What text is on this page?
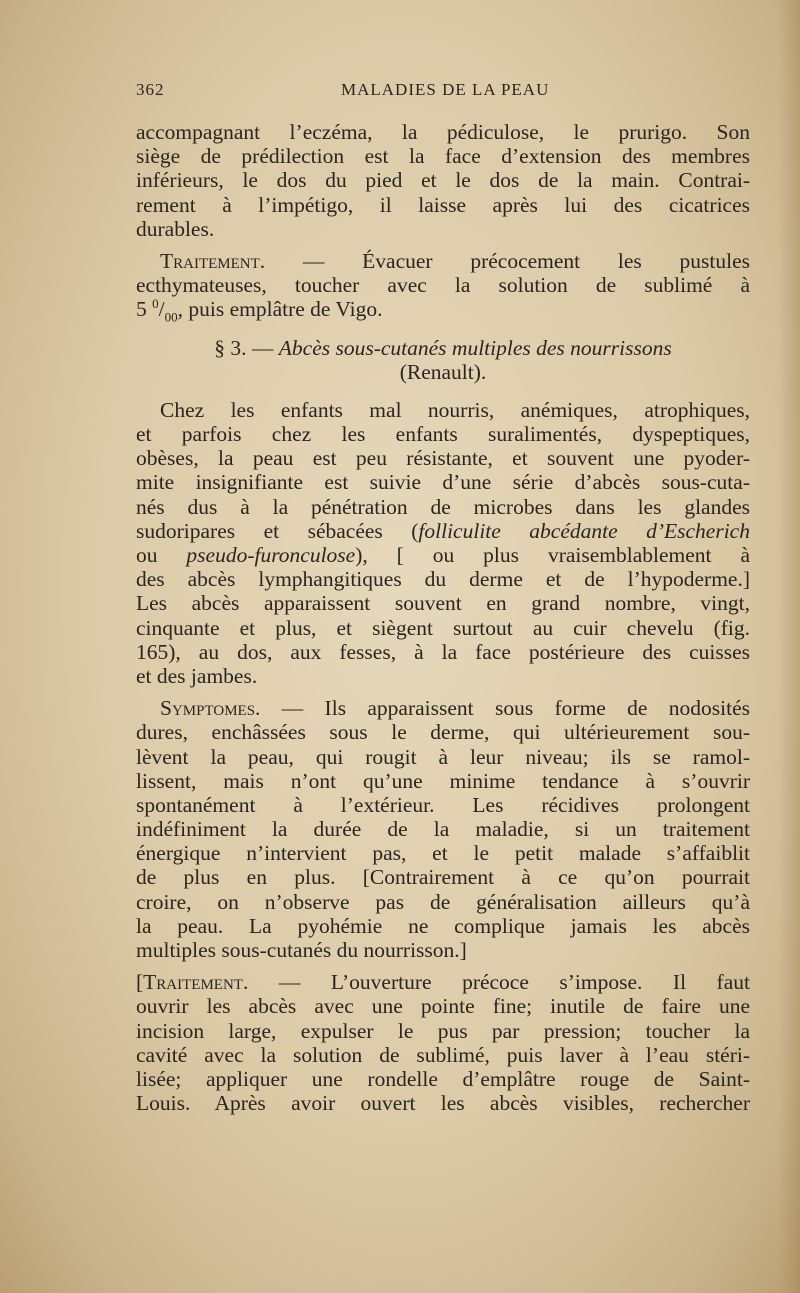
362	MALADIES DE LA PEAU
accompagnant l’eczéma, la pédiculose, le prurigo. Son
siège de prédilection est la face d’extension des membres
inférieurs, le dos du pied et le dos de la main. Contrai-
rement à l’impétigo, il laisse après lui des cicatrices
durables.
Traitement. — Évacuer précocement les pustules
ecthymateuses, toucher avec la solution de sublimé à
5 $^0/_{00}$, puis emplâtre de Vigo.
§ 3. — Abcès sous-cutanés multiples des nourrissons
(Renault).
Chez les enfants mal nourris, anémiques, atrophiques,
et parfois chez les enfants suralimentés, dyspeptiques,
obèses, la peau est peu résistante, et souvent une pyoder-
mite insignifiante est suivie d’une série d’abcès sous-cuta-
nés dus à la pénétration de microbes dans les glandes
sudoripares et sébacées (folliculite abcédante d’Escherich
ou pseudo-furonculose), [ ou plus vraisemblablement à
des abcès lymphangitiques du derme et de l’hypoderme.]
Les abcès apparaissent souvent en grand nombre, vingt,
cinquante et plus, et siègent surtout au cuir chevelu (fig.
165), au dos, aux fesses, à la face postérieure des cuisses
et des jambes.
Symptomes. — Ils apparaissent sous forme de nodosités
dures, enchâssées sous le derme, qui ultérieurement sou-
lèvent la peau, qui rougit à leur niveau; ils se ramol-
lissent, mais n’ont qu’une minime tendance à s’ouvrir
spontanément à l’extérieur. Les récidives prolongent
indéfiniment la durée de la maladie, si un traitement
énergique n’intervient pas, et le petit malade s’affaiblit
de plus en plus. [Contrairement à ce qu’on pourrait
croire, on n’observe pas de généralisation ailleurs qu’à
la peau. La pyohémie ne complique jamais les abcès
multiples sous-cutanés du nourrisson.]
[Traitement. — L’ouverture précoce s’impose. Il faut
ouvrir les abcès avec une pointe fine; inutile de faire une
incision large, expulser le pus par pression; toucher la
cavité avec la solution de sublimé, puis laver à l’eau stéri-
lisée; appliquer une rondelle d’emplâtre rouge de Saint-
Louis. Après avoir ouvert les abcès visibles, rechercher
